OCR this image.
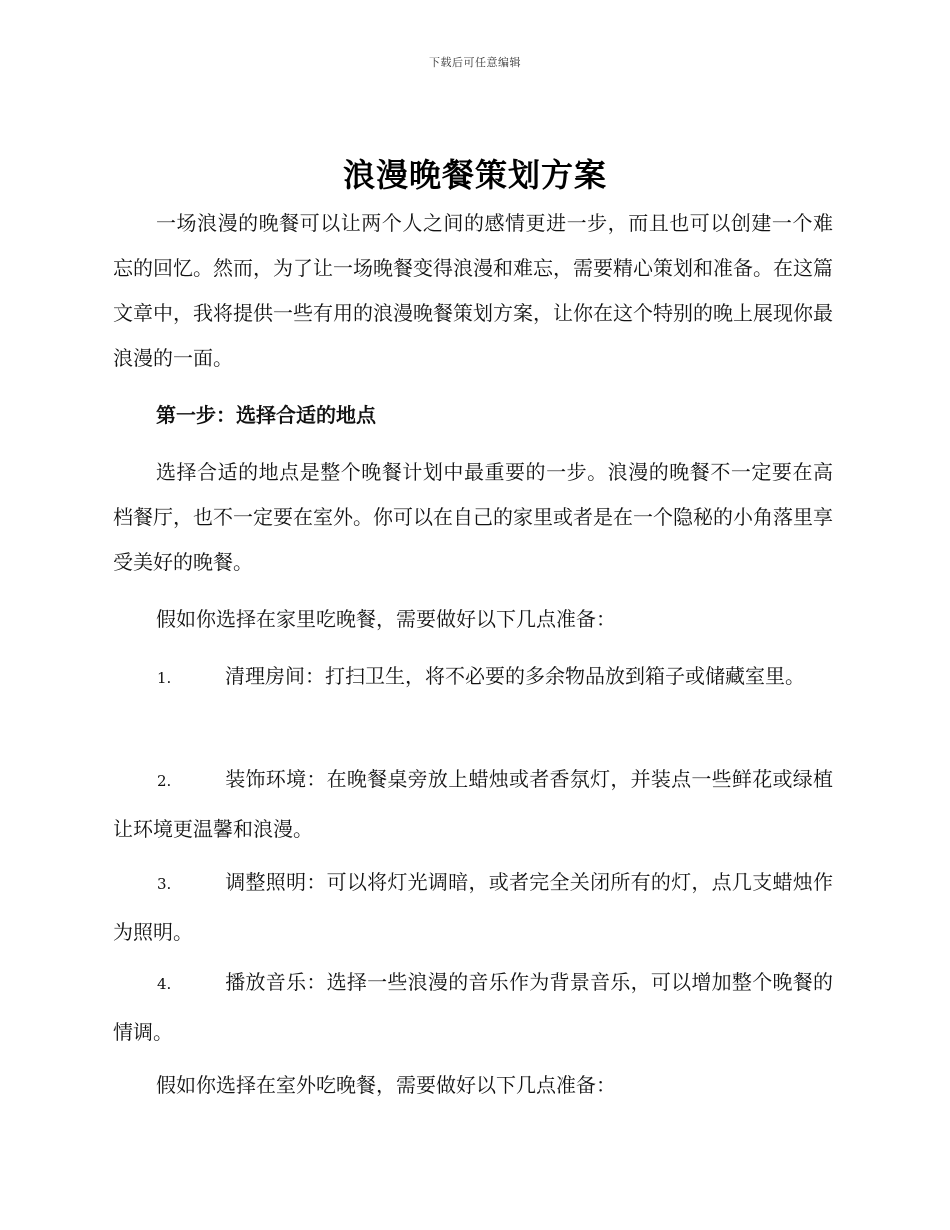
下载后可任意编辑
浪漫晚餐策划方案
一场浪漫的晚餐可以让两个人之间的感情更进一步，而且也可以创建一个难忘的回忆。然而，为了让一场晚餐变得浪漫和难忘，需要精心策划和准备。在这篇文章中，我将提供一些有用的浪漫晚餐策划方案，让你在这个特别的晚上展现你最浪漫的一面。
第一步：选择合适的地点
选择合适的地点是整个晚餐计划中最重要的一步。浪漫的晚餐不一定要在高档餐厅，也不一定要在室外。你可以在自己的家里或者是在一个隐秘的小角落里享受美好的晚餐。
假如你选择在家里吃晚餐，需要做好以下几点准备：
1.	清理房间：打扫卫生，将不必要的多余物品放到箱子或储藏室里。
2.	装饰环境：在晚餐桌旁放上蜡烛或者香氛灯，并装点一些鲜花或绿植让环境更温馨和浪漫。
3.	调整照明：可以将灯光调暗，或者完全关闭所有的灯，点几支蜡烛作为照明。
4.	播放音乐：选择一些浪漫的音乐作为背景音乐，可以增加整个晚餐的情调。
假如你选择在室外吃晚餐，需要做好以下几点准备：
